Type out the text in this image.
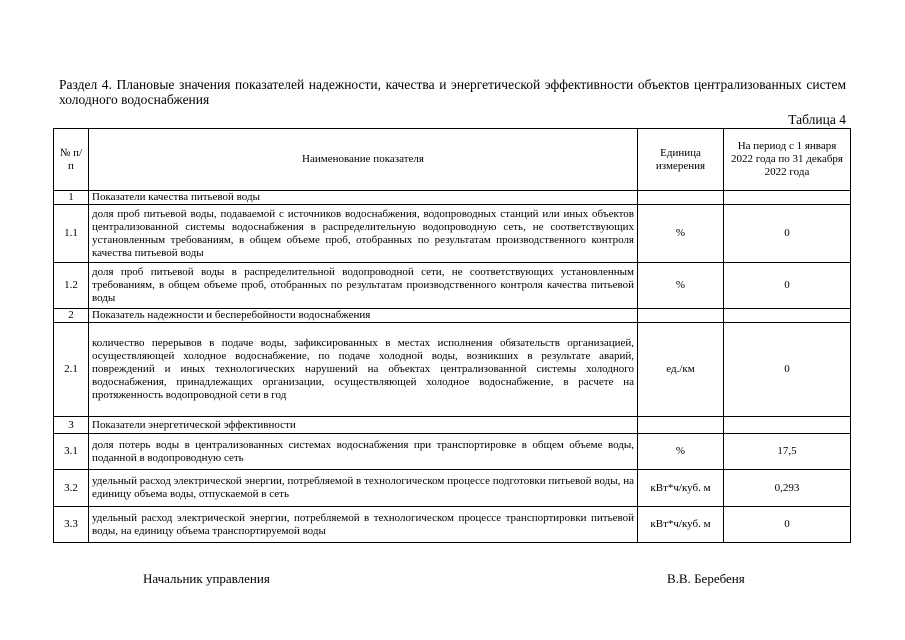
Раздел 4. Плановые значения показателей надежности, качества и энергетической эффективности объектов централизованных систем холодного водоснабжения
Таблица 4
№ п/п	Наименование показателя	Единица измерения	На период с 1 января 2022 года по 31 декабря 2022 года
1	Показатели качества питьевой воды		
1.1	доля проб питьевой воды, подаваемой с источников водоснабжения, водопроводных станций или иных объектов централизованной системы водоснабжения в распределительную водопроводную сеть, не соответствующих установленным требованиям, в общем объеме проб, отобранных по результатам производственного контроля качества питьевой воды	%	0
1.2	доля проб питьевой воды в распределительной водопроводной сети, не соответствующих установленным требованиям, в общем объеме проб, отобранных по результатам производственного контроля качества питьевой воды	%	0
2	Показатель надежности и бесперебойности водоснабжения		
2.1	количество перерывов в подаче воды, зафиксированных в местах исполнения обязательств организацией, осуществляющей холодное водоснабжение, по подаче холодной воды, возникших в результате аварий, повреждений и иных технологических нарушений на объектах централизованной системы холодного водоснабжения, принадлежащих организации, осуществляющей холодное водоснабжение, в расчете на протяженность водопроводной сети в год	ед./км	0
3	Показатели энергетической эффективности		
3.1	доля потерь воды в централизованных системах водоснабжения при транспортировке в общем объеме воды, поданной в водопроводную сеть	%	17,5
3.2	удельный расход электрической энергии, потребляемой в технологическом процессе подготовки питьевой воды, на единицу объема воды, отпускаемой в сеть	кВт*ч/куб. м	0,293
3.3	удельный расход электрической энергии, потребляемой в технологическом процессе транспортировки питьевой воды, на единицу объема транспортируемой воды	кВт*ч/куб. м	0
Начальник управления	В.В. Беребеня
